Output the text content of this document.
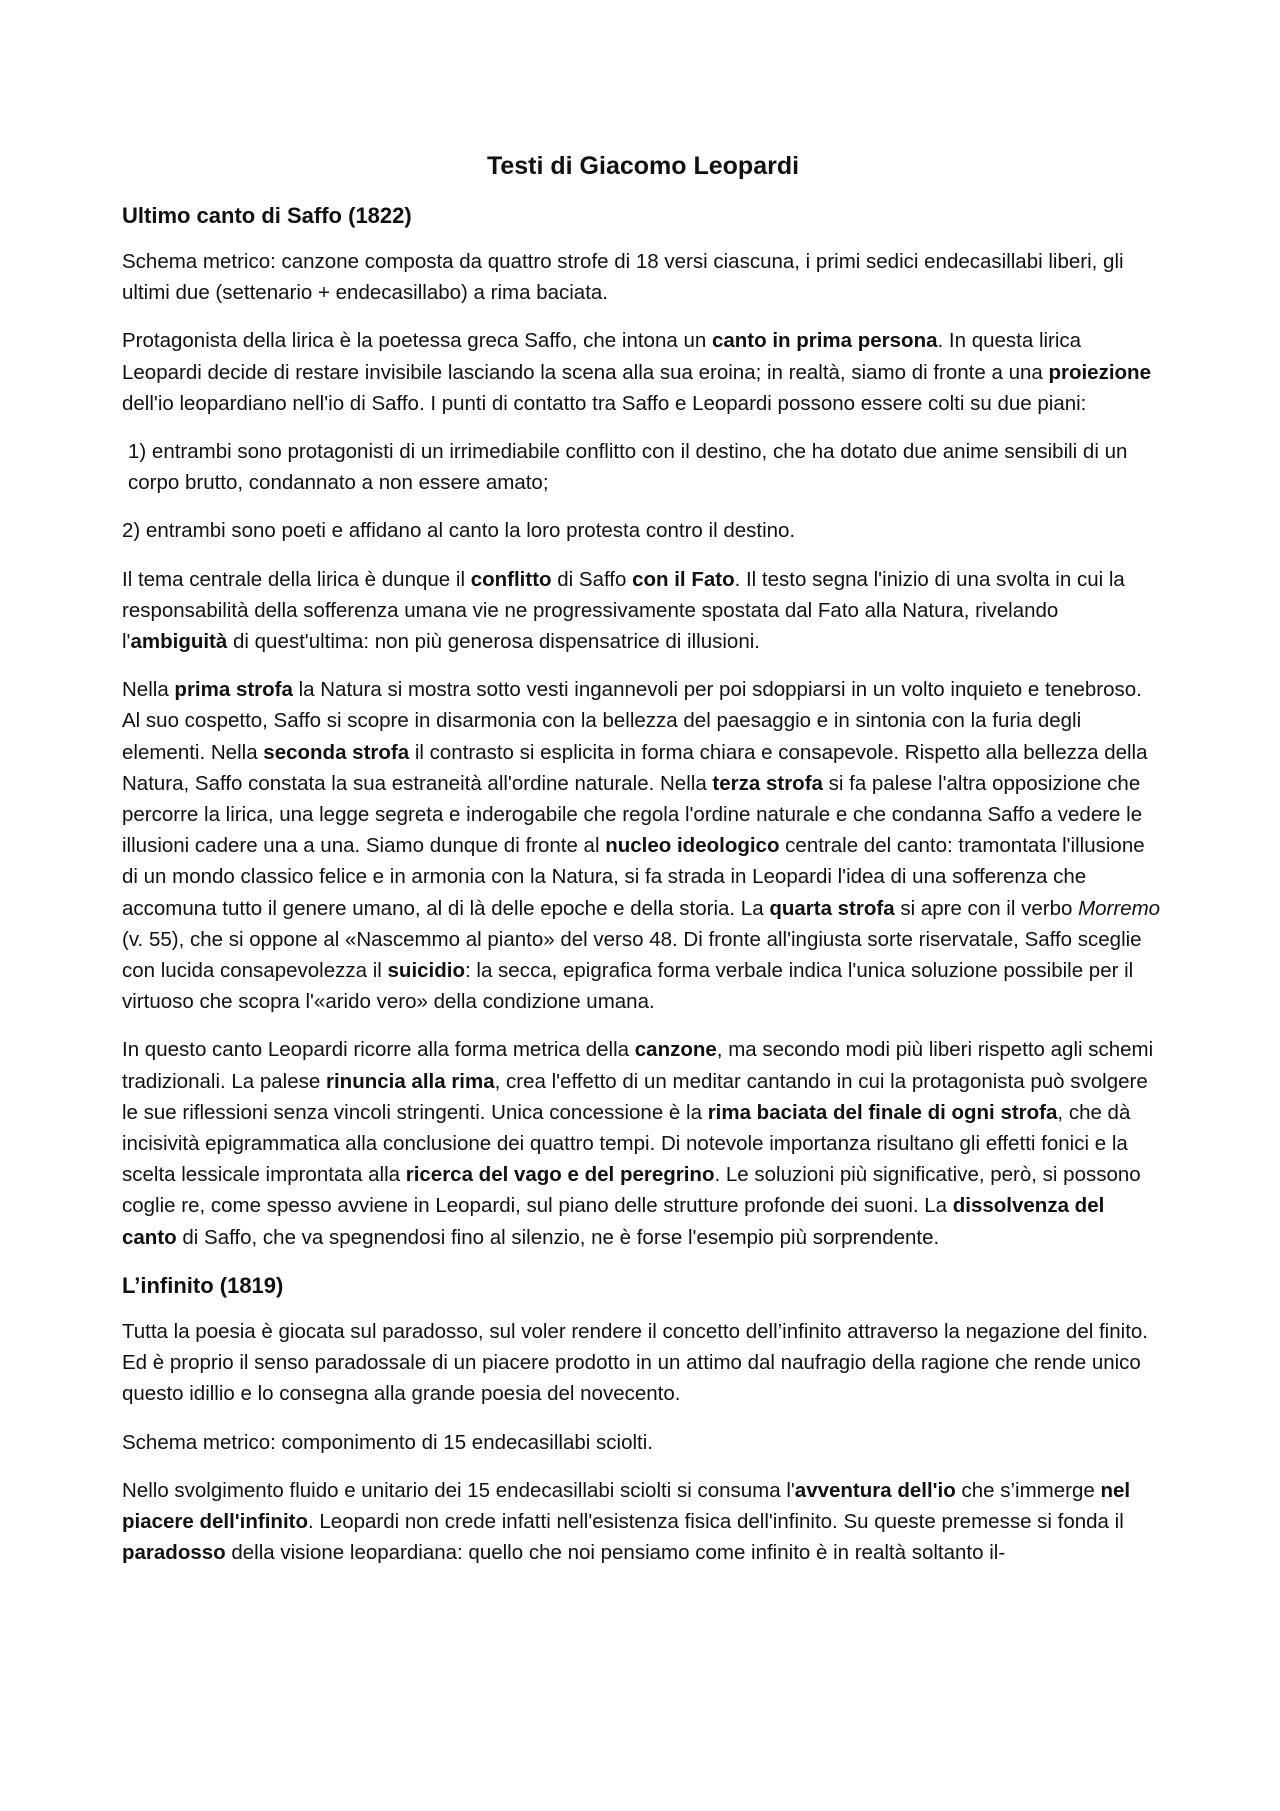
Testi di Giacomo Leopardi
Ultimo canto di Saffo (1822)

Schema metrico: canzone composta da quattro strofe di 18 versi ciascuna, i primi sedici endecasillabi liberi, gli ultimi due (settenario + endecasillabo) a rima baciata.

Protagonista della lirica è la poetessa greca Saffo, che intona un canto in prima persona. In questa lirica Leopardi decide di restare invisibile lasciando la scena alla sua eroina; in realtà, siamo di fronte a una proiezione dell'io leopardiano nell'io di Saffo. I punti di contatto tra Saffo e Leopardi possono essere colti su due piani:

1) entrambi sono protagonisti di un irrimediabile conflitto con il destino, che ha dotato due anime sensibili di un corpo brutto, condannato a non essere amato;

2) entrambi sono poeti e affidano al canto la loro protesta contro il destino.

Il tema centrale della lirica è dunque il conflitto di Saffo con il Fato. Il testo segna l'inizio di una svolta in cui la responsabilità della sofferenza umana vie ne progressivamente spostata dal Fato alla Natura, rivelando l'ambiguità di quest'ultima: non più generosa dispensatrice di illusioni.

Nella prima strofa la Natura si mostra sotto vesti ingannevoli per poi sdoppiarsi in un volto inquieto e tenebroso. Al suo cospetto, Saffo si scopre in disarmonia con la bellezza del paesaggio e in sintonia con la furia degli elementi. Nella seconda strofa il contrasto si esplicita in forma chiara e consapevole. Rispetto alla bellezza della Natura, Saffo constata la sua estraneità all'ordine naturale. Nella terza strofa si fa palese l'altra opposizione che percorre la lirica, una legge segreta e inderogabile che regola l'ordine naturale e che condanna Saffo a vedere le illusioni cadere una a una. Siamo dunque di fronte al nucleo ideologico centrale del canto: tramontata l'illusione di un mondo classico felice e in armonia con la Natura, si fa strada in Leopardi l'idea di una sofferenza che accomuna tutto il genere umano, al di là delle epoche e della storia. La quarta strofa si apre con il verbo Morremo (v. 55), che si oppone al «Nascemmo al pianto» del verso 48. Di fronte all'ingiusta sorte riservatale, Saffo sceglie con lucida consapevolezza il suicidio: la secca, epigrafica forma verbale indica l'unica soluzione possibile per il virtuoso che scopra l'«arido vero» della condizione umana.

In questo canto Leopardi ricorre alla forma metrica della canzone, ma secondo modi più liberi rispetto agli schemi tradizionali. La palese rinuncia alla rima, crea l'effetto di un meditar cantando in cui la protagonista può svolgere le sue riflessioni senza vincoli stringenti. Unica concessione è la rima baciata del finale di ogni strofa, che dà incisività epigrammatica alla conclusione dei quattro tempi. Di notevole importanza risultano gli effetti fonici e la scelta lessicale improntata alla ricerca del vago e del peregrino. Le soluzioni più significative, però, si possono coglie re, come spesso avviene in Leopardi, sul piano delle strutture profonde dei suoni. La dissolvenza del canto di Saffo, che va spegnendosi fino al silenzio, ne è forse l'esempio più sorprendente.

L’infinito (1819)

Tutta la poesia è giocata sul paradosso, sul voler rendere il concetto dell’infinito attraverso la negazione del finito. Ed è proprio il senso paradossale di un piacere prodotto in un attimo dal naufragio della ragione che rende unico questo idillio e lo consegna alla grande poesia del novecento.

Schema metrico: componimento di 15 endecasillabi sciolti.

Nello svolgimento fluido e unitario dei 15 endecasillabi sciolti si consuma l'avventura dell'io che s’immerge nel piacere dell'infinito. Leopardi non crede infatti nell'esistenza fisica dell'infinito. Su queste premesse si fonda il paradosso della visione leopardiana: quello che noi pensiamo come infinito è in realtà soltanto il-
